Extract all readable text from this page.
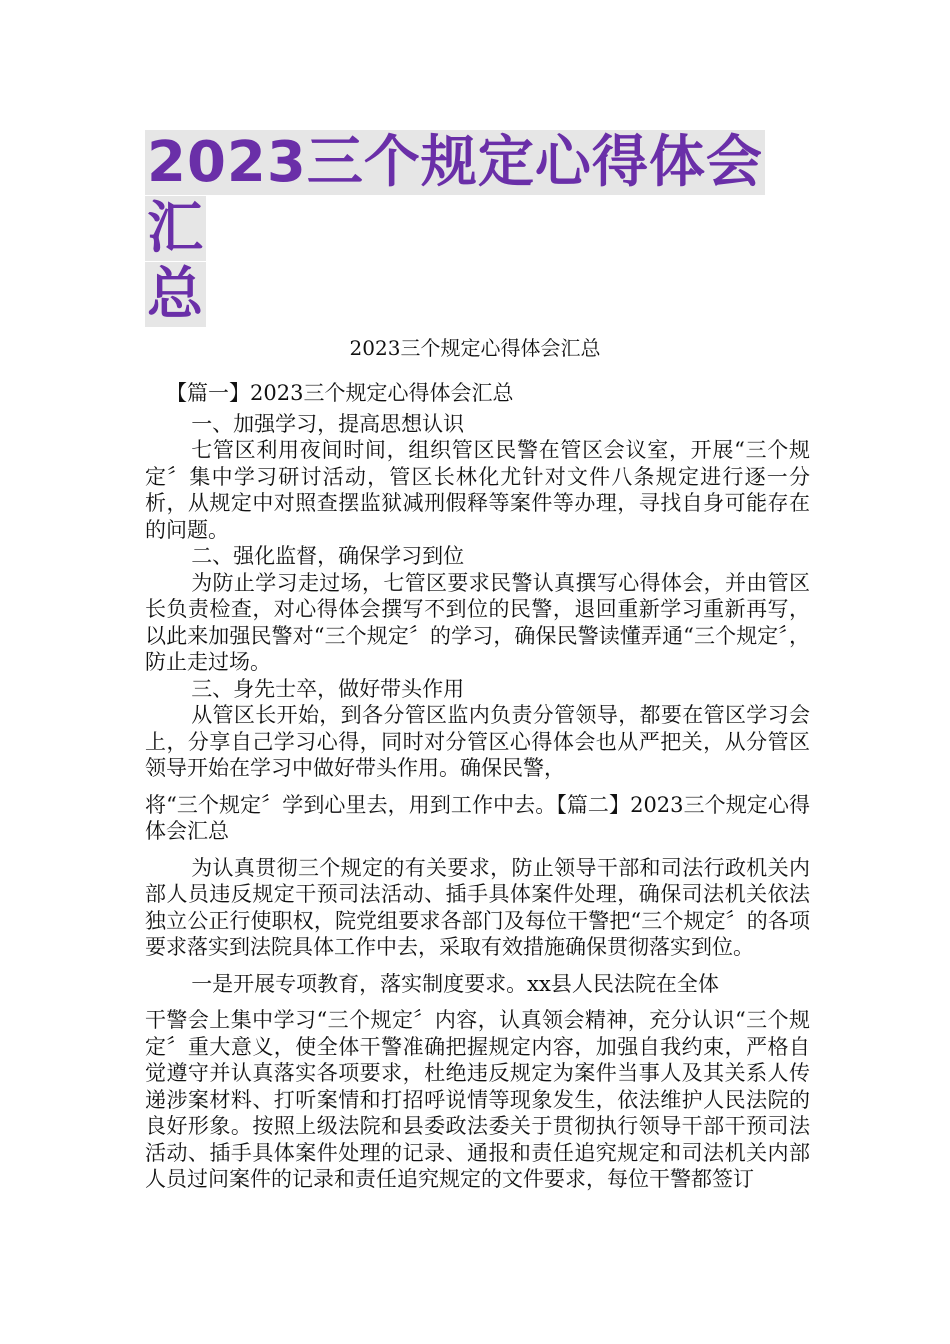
2023三个规定心得体会汇
总

2023三个规定心得体会汇总

【篇一】2023三个规定心得体会汇总

一、加强学习，提高思想认识

七管区利用夜间时间，组织管区民警在管区会议室，开展“三个规定〞集中学习研讨活动，管区长林化尤针对文件八条规定进行逐一分析，从规定中对照查摆监狱减刑假释等案件等办理，寻找自身可能存在的问题。

二、强化监督，确保学习到位

为防止学习走过场，七管区要求民警认真撰写心得体会，并由管区长负责检查，对心得体会撰写不到位的民警，退回重新学习重新再写，以此来加强民警对“三个规定〞的学习，确保民警读懂弄通“三个规定〞，防止走过场。

三、身先士卒，做好带头作用

从管区长开始，到各分管区监内负责分管领导，都要在管区学习会上，分享自己学习心得，同时对分管区心得体会也从严把关，从分管区领导开始在学习中做好带头作用。确保民警，

将“三个规定〞学到心里去，用到工作中去。【篇二】2023三个规定心得体会汇总

为认真贯彻三个规定的有关要求，防止领导干部和司法行政机关内部人员违反规定干预司法活动、插手具体案件处理，确保司法机关依法独立公正行使职权，院党组要求各部门及每位干警把“三个规定〞的各项要求落实到法院具体工作中去，采取有效措施确保贯彻落实到位。

一是开展专项教育，落实制度要求。xx县人民法院在全体

干警会上集中学习“三个规定〞内容，认真领会精神，充分认识“三个规定〞重大意义，使全体干警准确把握规定内容，加强自我约束，严格自觉遵守并认真落实各项要求，杜绝违反规定为案件当事人及其关系人传递涉案材料、打听案情和打招呼说情等现象发生，依法维护人民法院的良好形象。按照上级法院和县委政法委关于贯彻执行领导干部干预司法活动、插手具体案件处理的记录、通报和责任追究规定和司法机关内部人员过问案件的记录和责任追究规定的文件要求，每位干警都签订
